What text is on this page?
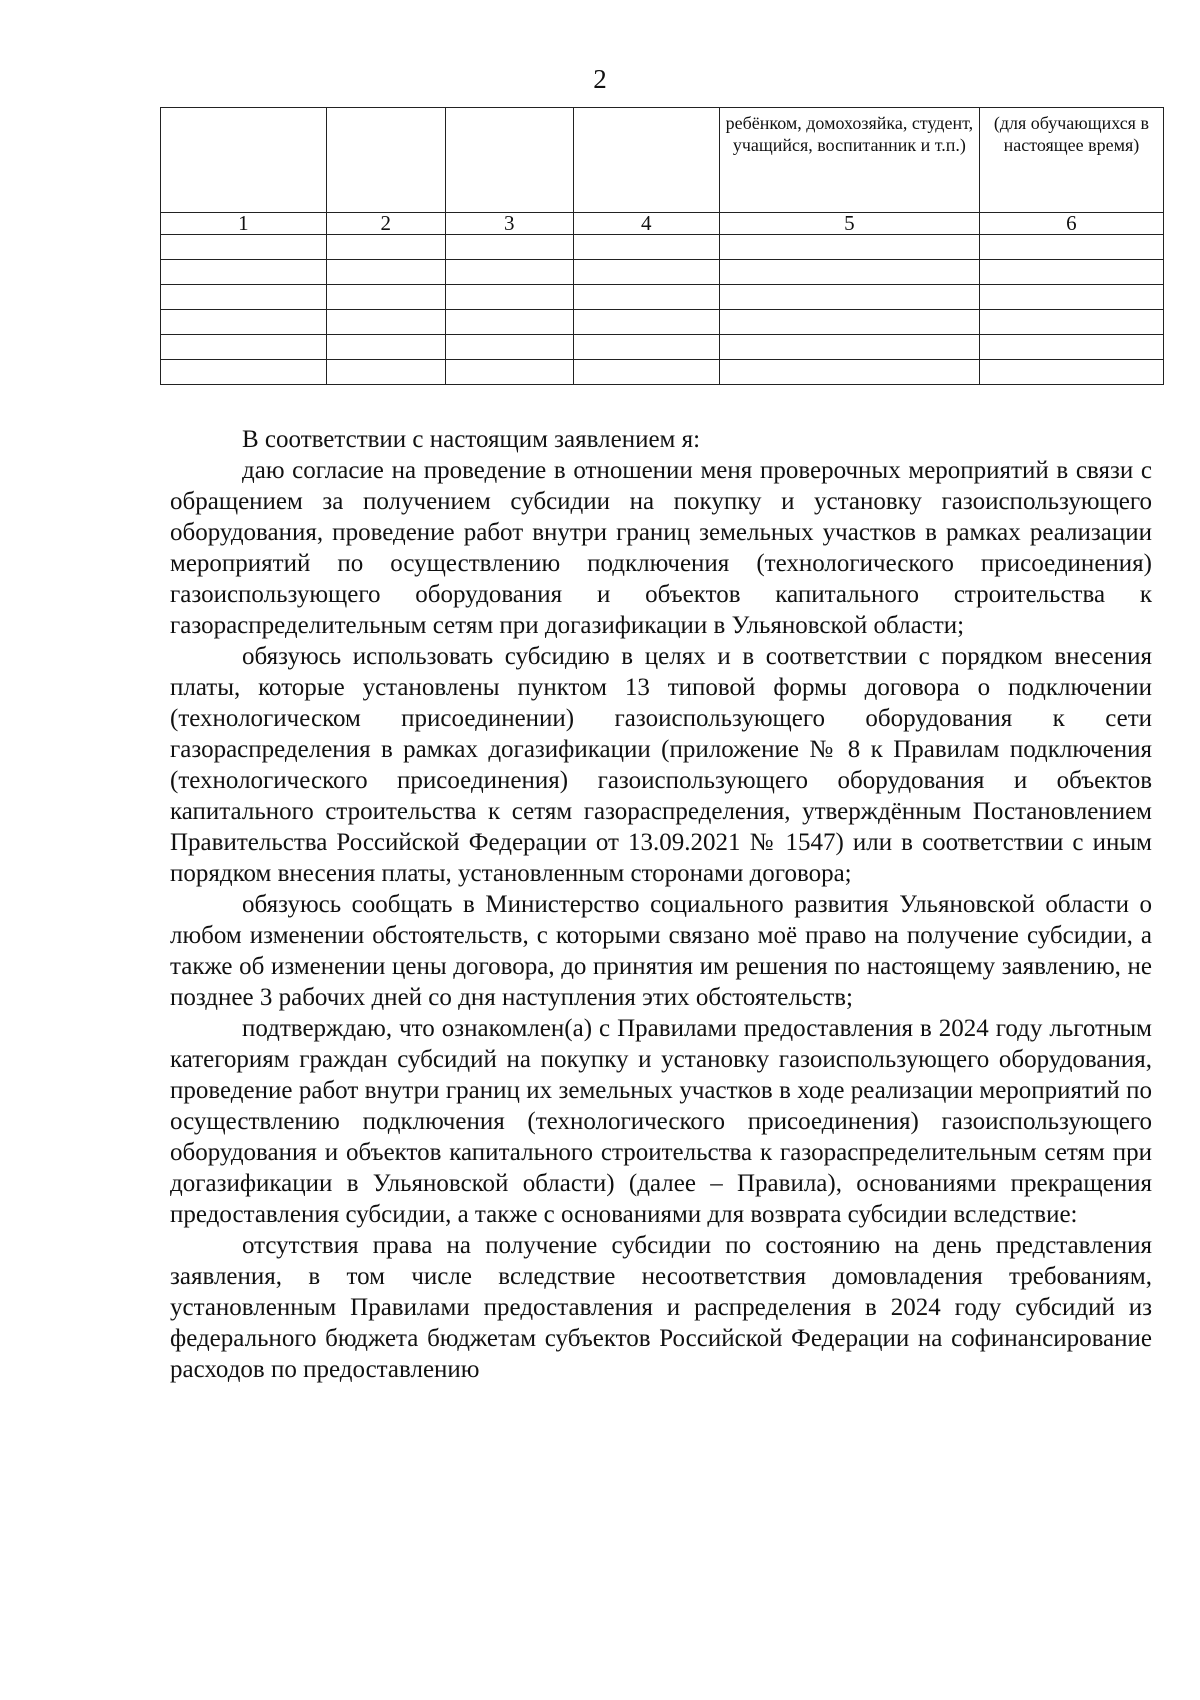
2
				ребёнком, домохозяйка, студент, учащийся, воспитанник и т.п.)	(для обучающихся в настоящее время)
1	2	3	4	5	6

В соответствии с настоящим заявлением я:

даю согласие на проведение в отношении меня проверочных мероприятий в связи с обращением за получением субсидии на покупку и установку газоиспользующего оборудования, проведение работ внутри границ земельных участков в рамках реализации мероприятий по осуществлению подключения (технологического присоединения) газоиспользующего оборудования и объектов капитального строительства к газораспределительным сетям при догазификации в Ульяновской области;

обязуюсь использовать субсидию в целях и в соответствии с порядком внесения платы, которые установлены пунктом 13 типовой формы договора о подключении (технологическом присоединении) газоиспользующего оборудования к сети газораспределения в рамках догазификации (приложение № 8 к Правилам подключения (технологического присоединения) газоиспользующего оборудования и объектов капитального строительства к сетям газораспределения, утверждённым Постановлением Правительства Российской Федерации от 13.09.2021 № 1547) или в соответствии с иным порядком внесения платы, установленным сторонами договора;

обязуюсь сообщать в Министерство социального развития Ульяновской области о любом изменении обстоятельств, с которыми связано моё право на получение субсидии, а также об изменении цены договора, до принятия им решения по настоящему заявлению, не позднее 3 рабочих дней со дня наступления этих обстоятельств;

подтверждаю, что ознакомлен(а) с Правилами предоставления в 2024 году льготным категориям граждан субсидий на покупку и установку газоиспользующего оборудования, проведение работ внутри границ их земельных участков в ходе реализации мероприятий по осуществлению подключения (технологического присоединения) газоиспользующего оборудования и объектов капитального строительства к газораспределительным сетям при догазификации в Ульяновской области) (далее – Правила), основаниями прекращения предоставления субсидии, а также с основаниями для возврата субсидии вследствие:

отсутствия права на получение субсидии по состоянию на день представления заявления, в том числе вследствие несоответствия домовладения требованиям, установленным Правилами предоставления и распределения в 2024 году субсидий из федерального бюджета бюджетам субъектов Российской Федерации на софинансирование расходов по предоставлению
